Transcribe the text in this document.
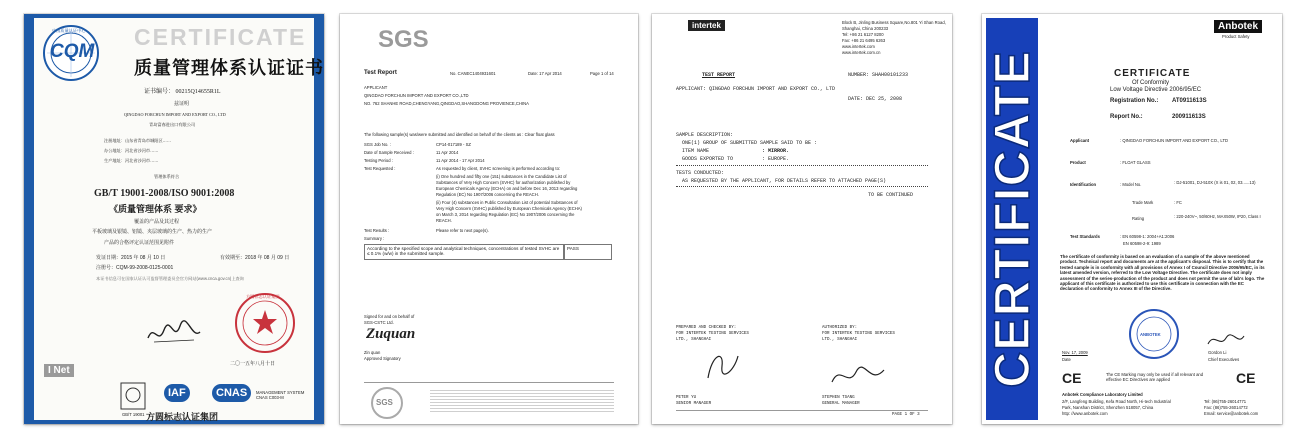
CQM
中国质量认证中心 CERTIFICATE
质量管理体系认证证书
证书编号： 00215Q14655R1L
兹证明
QINGDAO FORCHUN IMPORT AND EXPORT CO., LTD
青岛富春进出口有限公司
注册地址：山东省青岛市城阳区……
办公地址：河北省沙河市……
生产地址：河北省沙河市……
管理体系符合
GB/T 19001-2008/ISO 9001:2008
《质量管理体系 要求》
覆盖的产品及其过程
平板玻璃及银镜、铝镜、夹层玻璃的生产、热力的生产
产品的合格评定认证范围见附件
发证日期：2015 年 08 月 10 日	有效期至：2018 年 08 月 09 日
注册号：CQM-99-2008-0125-0001
本证书信息可在国家认证认可监督管理委员会官方网站(www.cnca.gov.cn)上查询
方圆标志认证集团
二〇一五年八月十日
I Net
GB/T 19001
IAF	CNAS	MANAGEMENT SYSTEM CNAS C003-M
方圆标志认证集团
SGS
Test Report	No. CANEC1404931601	Date: 17 Apr 2014	Page 1 of 14
APPLICANT
QINGDAO FORCHUN IMPORT AND EXPORT CO.,LTD
NO. 762 SHANHE ROAD,CHENGYANG,QINGDAO,SHANGDONG PROVIENCE,CHINA
The following sample(s) was/were submitted and identified on behalf of the clients as : Clear float glass
SGS Job No. :	CP14-017189 - SZ
Date of Sample Received :	11 Apr 2014
Testing Period :	11 Apr 2014 - 17 Apr 2014
Test Requested :	As requested by client, SVHC screening is performed according to:
(i) One hundred and fifty one (151) substances in the Candidate List of
Substances of Very High Concern (SVHC) for authorization published by
European Chemicals Agency (ECHA) on and before Dec 16, 2013 regarding
Regulation (EC) No 1907/2006 concerning the REACH.
(ii) Four (4) substances in Public Consultation List of potential Substances of
Very High Concern (SVHC) published by European Chemicals Agency (ECHA)
on March 3, 2014 regarding Regulation (EC) No 1907/2006 concerning the
REACH.
Test Results :	Please refer to next page(s).
Summary :
According to the specified scope and analytical techniques, concentrations of tested SVHC are ≤ 0.1% (w/w) in the submitted sample.
PASS
Signed for and on behalf of
SGS-CSTC Ltd.
Zuquan
Zin quan
Approved Signatory
SGS
intertek	Block B, Jinling Business Square,No.801 Yi Shan Road,
Shanghai, China 200233
Tel: +86 21 6127 8200
Fax: +86 21 6495 6263
www.intertek.com
www.intertek.com.cn
TEST REPORT	NUMBER: SHAH00101233
APPLICANT: QINGDAO FORCHUN IMPORT AND EXPORT CO., LTD
DATE: DEC 25, 2008
SAMPLE DESCRIPTION:
ONE(1) GROUP OF SUBMITTED SAMPLE SAID TO BE :
ITEM NAME	: MIRROR.
GOODS EXPORTED TO	: EUROPE.
TESTS CONDUCTED:
AS REQUESTED BY THE APPLICANT, FOR DETAILS REFER TO ATTACHED PAGE(S)
TO BE CONTINUED
PREPARED AND CHECKED BY:
FOR INTERTEK TESTING SERVICES
LTD., SHANGHAI
AUTHORIZED BY:
FOR INTERTEK TESTING SERVICES
LTD., SHANGHAI
PETER YU
SENIOR MANAGER
STEPHEN TSANG
GENERAL MANAGER
PAGE 1 OF 3
CERTIFICATE
Anbotek
Product Safety
CERTIFICATE
Of Conformity
Low Voltage Directive 2006/95/EC
Registration No.: AT0911613S
Report No.:	200911613S
Applicant	: QINGDAO FORCHUN IMPORT AND EXPORT CO., LTD
Product	: FLOAT GLASS
Identification	: Model No.	: DJ-51001, DJ-510X (X is 01, 02, 03......13)
Trade Mark	: FC
Rating	: 220-240V~, 50/60Hz, MAX50W, IP20, Class I
Test Standards	: EN 60598-1: 2004+A1:2006
EN 60598-2-9: 1989
The certificate of conformity is based on an evaluation of a sample of the above mentioned product. Technical report and documents are at the applicant's disposal. This is to certify that the tested sample is in conformity with all provisions of Annex I of Council Directive 2006/95/EC, in its latest amended version, referred to the Low Voltage Directive. The certificate does not imply assessment of the series-production of the product and does not permit the use of lab's logo. The applicant of this certificate is authorized to use this certificate in connection with the EC declaration of conformity to Annex III of the Directive.
ANBOTEK
Nov. 17, 2009
Date
Gordon Li
Chief Executives
CE	The CE Marking may only be used if all relevant and effective EC Directives are applied	CE
Anbotek Compliance Laboratory Limited
2/F, Langfeng Building, Kefa Road North, Hi-tech Industrial
Park, Nanshan District, Shenzhen 518057, China
http: //www.anbotek.com
Tel: (86)755-26014771
Fax: (86)755-26014772
Email: service@anbotek.com
